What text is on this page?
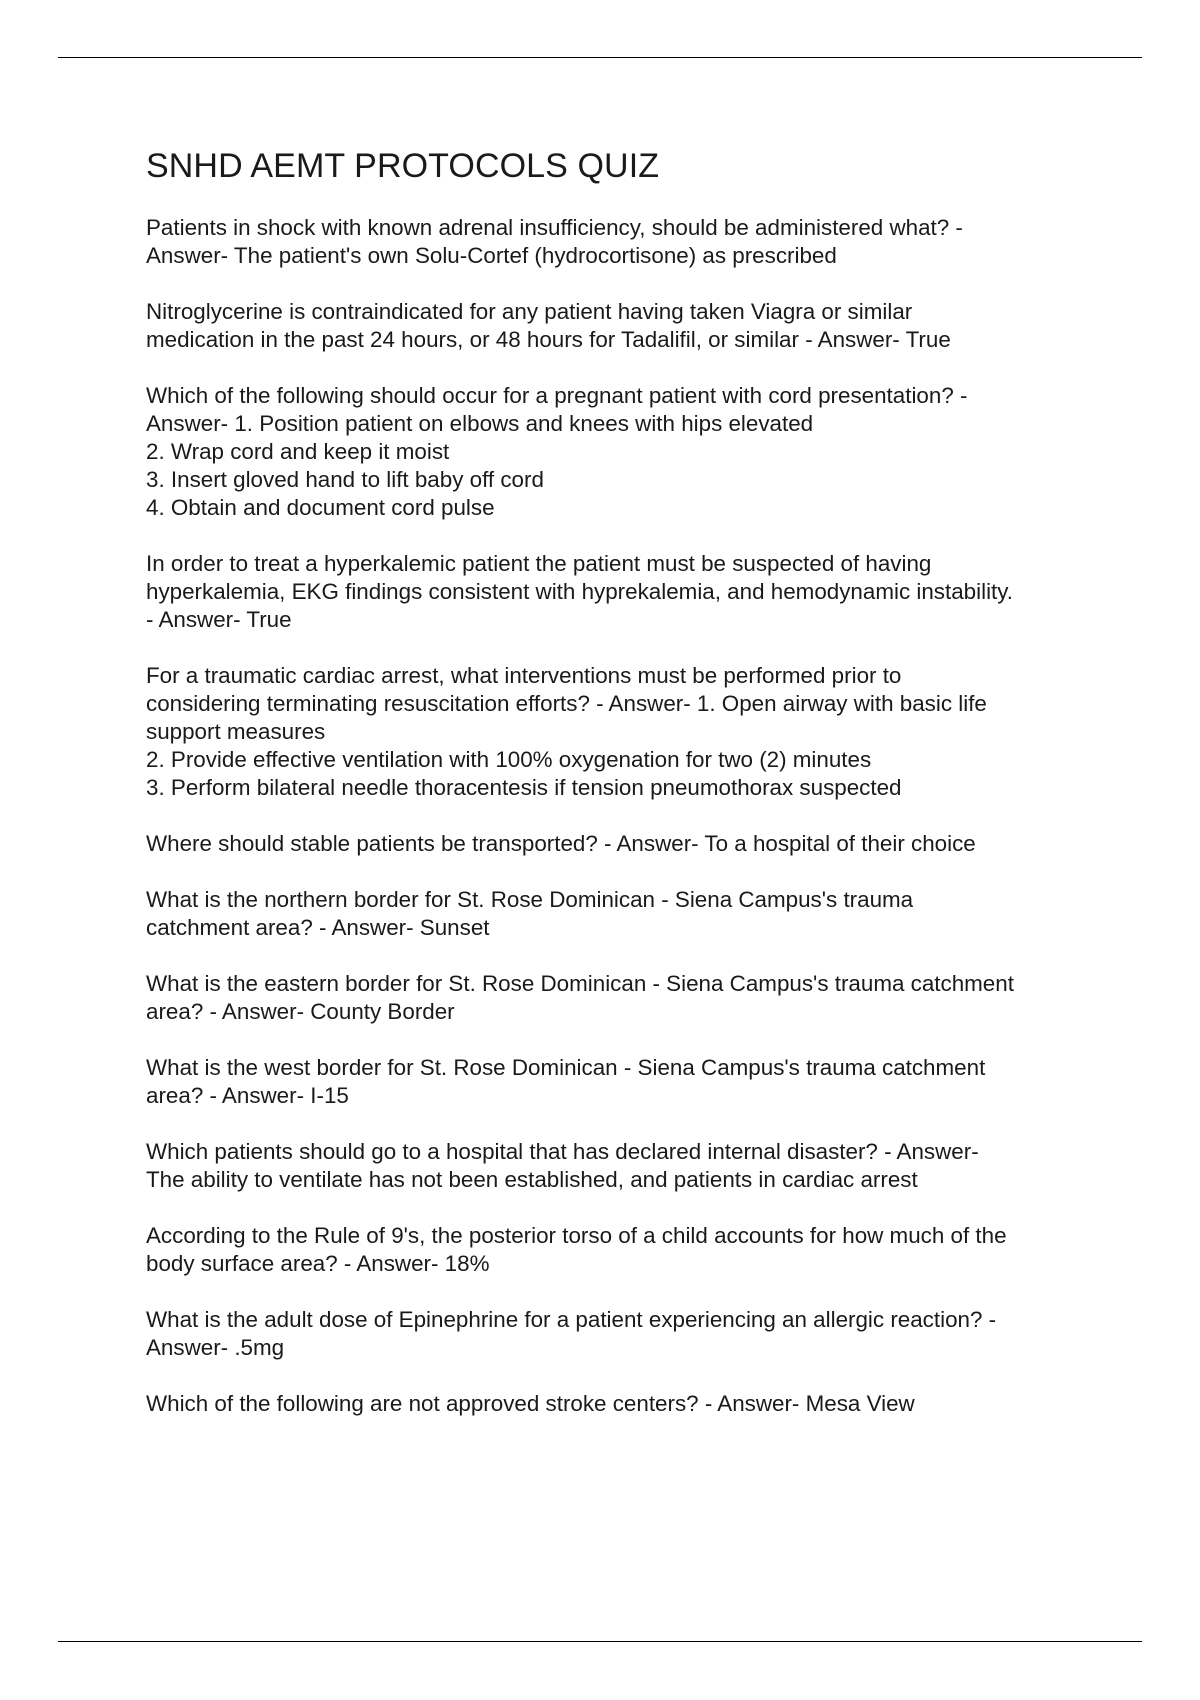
SNHD AEMT PROTOCOLS QUIZ

Patients in shock with known adrenal insufficiency, should be administered what? -
Answer- The patient's own Solu-Cortef (hydrocortisone) as prescribed

Nitroglycerine is contraindicated for any patient having taken Viagra or similar
medication in the past 24 hours, or 48 hours for Tadalifil, or similar - Answer- True

Which of the following should occur for a pregnant patient with cord presentation? -
Answer- 1. Position patient on elbows and knees with hips elevated
2. Wrap cord and keep it moist
3. Insert gloved hand to lift baby off cord
4. Obtain and document cord pulse

In order to treat a hyperkalemic patient the patient must be suspected of having
hyperkalemia, EKG findings consistent with hyprekalemia, and hemodynamic instability.
- Answer- True

For a traumatic cardiac arrest, what interventions must be performed prior to
considering terminating resuscitation efforts? - Answer- 1. Open airway with basic life
support measures
2. Provide effective ventilation with 100% oxygenation for two (2) minutes
3. Perform bilateral needle thoracentesis if tension pneumothorax suspected

Where should stable patients be transported? - Answer- To a hospital of their choice

What is the northern border for St. Rose Dominican - Siena Campus's trauma
catchment area? - Answer- Sunset

What is the eastern border for St. Rose Dominican - Siena Campus's trauma catchment
area? - Answer- County Border

What is the west border for St. Rose Dominican - Siena Campus's trauma catchment
area? - Answer- I-15

Which patients should go to a hospital that has declared internal disaster? - Answer-
The ability to ventilate has not been established, and patients in cardiac arrest

According to the Rule of 9's, the posterior torso of a child accounts for how much of the
body surface area? - Answer- 18%

What is the adult dose of Epinephrine for a patient experiencing an allergic reaction? -
Answer- .5mg

Which of the following are not approved stroke centers? - Answer- Mesa View
